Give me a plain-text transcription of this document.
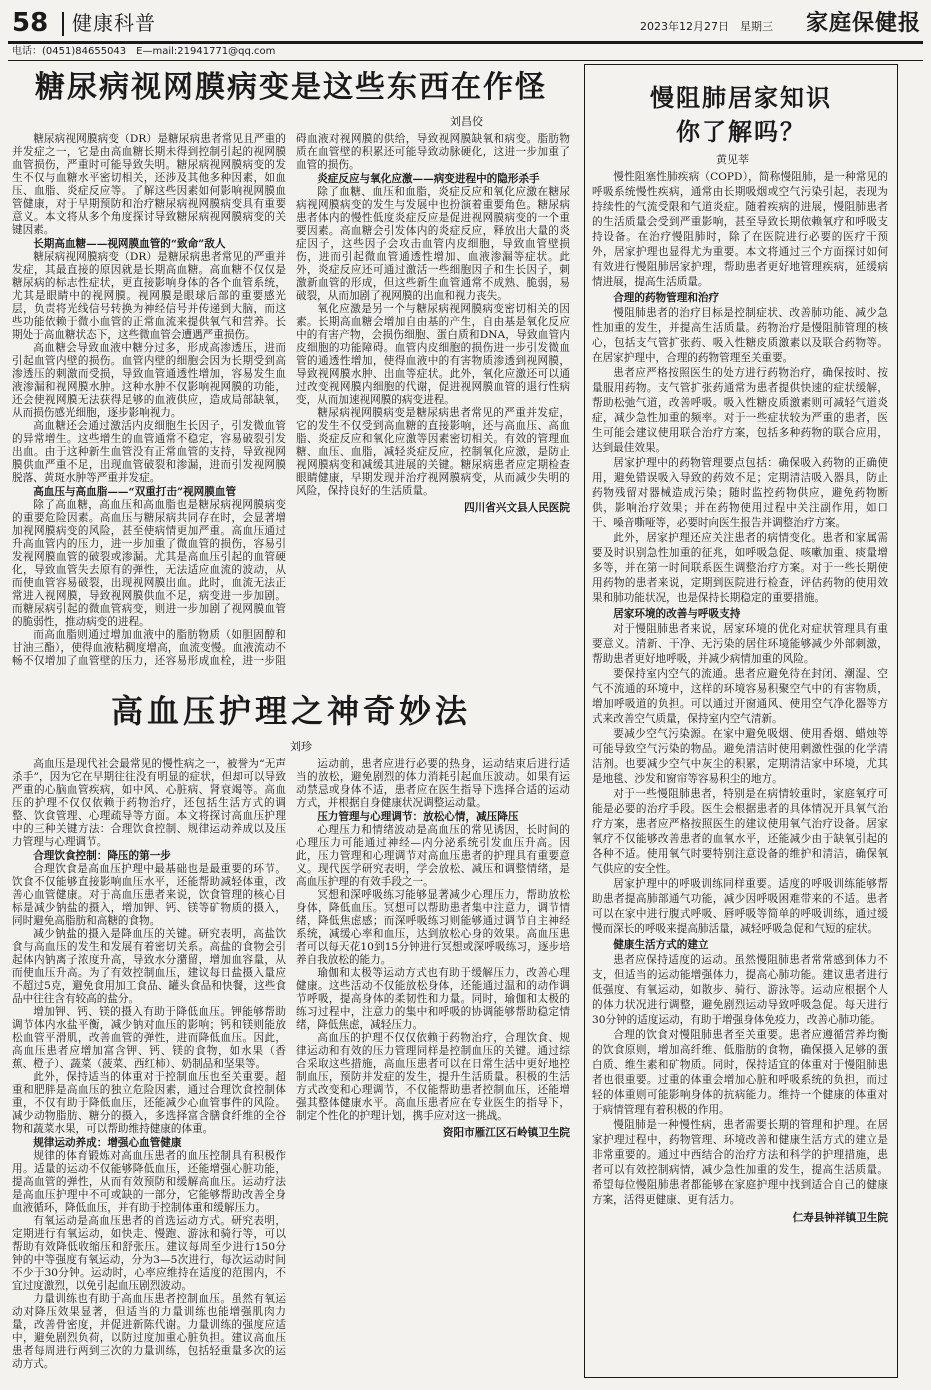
58 健康科普	2023年12月27日　星期三 家庭保健报
电话：(0451)84655043　E—mail:21941771@qq.com
糖尿病视网膜病变是这些东西在作怪
刘昌佼

糖尿病视网膜病变（DR）是糖尿病患者常见且严重的并发症之一，它是由高血糖长期未得到控制引起的视网膜血管损伤，严重时可能导致失明。糖尿病视网膜病变的发生不仅与血糖水平密切相关，还涉及其他多种因素，如血压、血脂、炎症反应等。了解这些因素如何影响视网膜血管健康，对于早期预防和治疗糖尿病视网膜病变具有重要意义。本文将从多个角度探讨导致糖尿病视网膜病变的关键因素。

长期高血糖——视网膜血管的“致命”敌人

糖尿病视网膜病变（DR）是糖尿病患者常见的严重并发症，其最直接的原因就是长期高血糖。高血糖不仅仅是糖尿病的标志性症状，更直接影响身体的各个血管系统，尤其是眼睛中的视网膜。视网膜是眼球后部的重要感光层，负责将光线信号转换为神经信号并传递到大脑，而这些功能依赖于微小血管的正常血流来提供氧气和营养。长期处于高血糖状态下，这些微血管会遭遇严重损伤。

高血糖会导致血液中糖分过多，形成高渗透压，进而引起血管内壁的损伤。血管内壁的细胞会因为长期受到高渗透压的刺激而受损，导致血管通透性增加，容易发生血液渗漏和视网膜水肿。这种水肿不仅影响视网膜的功能，还会使视网膜无法获得足够的血液供应，造成局部缺氧，从而损伤感光细胞，逐步影响视力。

高血糖还会通过激活内皮细胞生长因子，引发微血管的异常增生。这些增生的血管通常不稳定，容易破裂引发出血。由于这种新生血管没有正常血管的支持，导致视网膜供血严重不足，出现血管破裂和渗漏，进而引发视网膜脱落、黄斑水肿等严重并发症。

高血压与高血脂——“双重打击”视网膜血管

除了高血糖，高血压和高血脂也是糖尿病视网膜病变的重要危险因素。高血压与糖尿病共同存在时，会显著增加视网膜病变的风险，甚至使病情更加严重。高血压通过升高血管内的压力，进一步加重了微血管的损伤，容易引发视网膜血管的破裂或渗漏。尤其是高血压引起的血管硬化，导致血管失去原有的弹性，无法适应血流的波动，从而使血管容易破裂，出现视网膜出血。此时，血流无法正常进入视网膜，导致视网膜供血不足，病变进一步加剧。而糖尿病引起的微血管病变，则进一步加剧了视网膜血管的脆弱性，推动病变的进程。

而高血脂则通过增加血液中的脂肪物质（如胆固醇和甘油三酯），使得血液粘稠度增高，血流变慢。血液流动不畅不仅增加了血管壁的压力，还容易形成血栓，进一步阻碍血液对视网膜的供给，导致视网膜缺氧和病变。脂肪物质在血管壁的积累还可能导致动脉硬化，这进一步加重了血管的损伤。

炎症反应与氧化应激——病变进程中的隐形杀手

除了血糖、血压和血脂，炎症反应和氧化应激在糖尿病视网膜病变的发生与发展中也扮演着重要角色。糖尿病患者体内的慢性低度炎症反应是促进视网膜病变的一个重要因素。高血糖会引发体内的炎症反应，释放出大量的炎症因子，这些因子会攻击血管内皮细胞，导致血管壁损伤，进而引起微血管通透性增加、血液渗漏等症状。此外，炎症反应还可通过激活一些细胞因子和生长因子，刺激新血管的形成，但这些新生血管通常不成熟、脆弱，易破裂，从而加剧了视网膜的出血和视力丧失。

氧化应激是另一个与糖尿病视网膜病变密切相关的因素。长期高血糖会增加自由基的产生，自由基是氧化反应中的有害产物，会损伤细胞、蛋白质和DNA，导致血管内皮细胞的功能障碍。血管内皮细胞的损伤进一步引发微血管的通透性增加，使得血液中的有害物质渗透到视网膜，导致视网膜水肿、出血等症状。此外，氧化应激还可以通过改变视网膜内细胞的代谢，促进视网膜血管的退行性病变，从而加速视网膜的病变进程。

糖尿病视网膜病变是糖尿病患者常见的严重并发症，它的发生不仅受到高血糖的直接影响，还与高血压、高血脂、炎症反应和氧化应激等因素密切相关。有效的管理血糖、血压、血脂，减轻炎症反应，控制氧化应激，是防止视网膜病变和减缓其进展的关键。糖尿病患者应定期检查眼睛健康，早期发现并治疗视网膜病变，从而减少失明的风险，保持良好的生活质量。

四川省兴文县人民医院
高血压护理之神奇妙法
刘珍

高血压是现代社会最常见的慢性病之一，被誉为“无声杀手”，因为它在早期往往没有明显的症状，但却可以导致严重的心脑血管疾病，如中风、心脏病、肾衰竭等。高血压的护理不仅仅依赖于药物治疗，还包括生活方式的调整、饮食管理、心理疏导等方面。本文将探讨高血压护理中的三种关键方法：合理饮食控制、规律运动养成以及压力管理与心理调节。

合理饮食控制：降压的第一步

合理饮食是高血压护理中最基础也是最重要的环节。饮食不仅能够直接影响血压水平，还能帮助减轻体重，改善心血管健康。对于高血压患者来说，饮食管理的核心目标是减少钠盐的摄入，增加钾、钙、镁等矿物质的摄入，同时避免高脂肪和高糖的食物。

减少钠盐的摄入是降血压的关键。研究表明，高盐饮食与高血压的发生和发展有着密切关系。高盐的食物会引起体内钠离子浓度升高，导致水分潴留，增加血容量，从而使血压升高。为了有效控制血压，建议每日盐摄入量应不超过5克，避免食用加工食品、罐头食品和快餐，这些食品中往往含有较高的盐分。

增加钾、钙、镁的摄入有助于降低血压。钾能够帮助调节体内水盐平衡，减少钠对血压的影响；钙和镁则能放松血管平滑肌，改善血管的弹性，进而降低血压。因此，高血压患者应增加富含钾、钙、镁的食物，如水果（香蕉、橙子）、蔬菜（菠菜、西红柿）、奶制品和坚果等。

此外，保持适当的体重对于控制血压也至关重要。超重和肥胖是高血压的独立危险因素，通过合理饮食控制体重，不仅有助于降低血压，还能减少心血管事件的风险。减少动物脂肪、糖分的摄入，多选择富含膳食纤维的全谷物和蔬菜水果，可以帮助维持健康的体重。

规律运动养成：增强心血管健康

规律的体育锻炼对高血压患者的血压控制具有积极作用。适量的运动不仅能够降低血压，还能增强心脏功能，提高血管的弹性，从而有效预防和缓解高血压。运动疗法是高血压护理中不可或缺的一部分，它能够帮助改善全身血液循环，降低血压，并有助于控制体重和缓解压力。

有氧运动是高血压患者的首选运动方式。研究表明，定期进行有氧运动，如快走、慢跑、游泳和骑行等，可以帮助有效降低收缩压和舒张压。建议每周至少进行150分钟的中等强度有氧运动，分为3—5次进行，每次运动时间不少于30分钟。运动时，心率应维持在适度的范围内，不宜过度激烈，以免引起血压剧烈波动。

力量训练也有助于高血压患者控制血压。虽然有氧运动对降压效果显著，但适当的力量训练也能增强肌肉力量，改善骨密度，并促进新陈代谢。力量训练的强度应适中，避免剧烈负荷，以防过度加重心脏负担。建议高血压患者每周进行两到三次的力量训练，包括轻重量多次的运动方式。

运动前，患者应进行必要的热身，运动结束后进行适当的放松，避免剧烈的体力消耗引起血压波动。如果有运动禁忌或身体不适，患者应在医生指导下选择合适的运动方式，并根据自身健康状况调整运动量。

压力管理与心理调节：放松心情，减压降压

心理压力和情绪波动是高血压的常见诱因，长时间的心理压力可能通过神经—内分泌系统引发血压升高。因此，压力管理和心理调节对高血压患者的护理具有重要意义。现代医学研究表明，学会放松、减压和调整情绪，是高血压护理的有效手段之一。

冥想和深呼吸练习能够显著减少心理压力，帮助放松身体，降低血压。冥想可以帮助患者集中注意力，调节情绪，降低焦虑感；而深呼吸练习则能够通过调节自主神经系统，减缓心率和血压，达到放松心身的效果。高血压患者可以每天花10到15分钟进行冥想或深呼吸练习，逐步培养自我放松的能力。

瑜伽和太极等运动方式也有助于缓解压力，改善心理健康。这些活动不仅能放松身体，还能通过温和的动作调节呼吸，提高身体的柔韧性和力量。同时，瑜伽和太极的练习过程中，注意力的集中和呼吸的协调能够帮助稳定情绪，降低焦虑，减轻压力。

高血压的护理不仅仅依赖于药物治疗，合理饮食、规律运动和有效的压力管理同样是控制血压的关键。通过综合采取这些措施，高血压患者可以在日常生活中更好地控制血压，预防并发症的发生，提升生活质量。积极的生活方式改变和心理调节，不仅能帮助患者控制血压，还能增强其整体健康水平。高血压患者应在专业医生的指导下，制定个性化的护理计划，携手应对这一挑战。

资阳市雁江区石岭镇卫生院
慢阻肺居家知识
你了解吗？
黄见莘

慢性阻塞性肺疾病（COPD），简称慢阻肺，是一种常见的呼吸系统慢性疾病，通常由长期吸烟或空气污染引起，表现为持续性的气流受限和气道炎症。随着疾病的进展，慢阻肺患者的生活质量会受到严重影响，甚至导致长期依赖氧疗和呼吸支持设备。在治疗慢阻肺时，除了在医院进行必要的医疗干预外，居家护理也显得尤为重要。本文将通过三个方面探讨如何有效进行慢阻肺居家护理，帮助患者更好地管理疾病，延缓病情进展，提高生活质量。

合理的药物管理和治疗

慢阻肺患者的治疗目标是控制症状、改善肺功能、减少急性加重的发生，并提高生活质量。药物治疗是慢阻肺管理的核心，包括支气管扩张药、吸入性糖皮质激素以及联合药物等。在居家护理中，合理的药物管理至关重要。

患者应严格按照医生的处方进行药物治疗，确保按时、按量服用药物。支气管扩张药通常为患者提供快速的症状缓解，帮助松弛气道，改善呼吸。吸入性糖皮质激素则可减轻气道炎症，减少急性加重的频率。对于一些症状较为严重的患者，医生可能会建议使用联合治疗方案，包括多种药物的联合应用，达到最佳效果。

居家护理中的药物管理要点包括：确保吸入药物的正确使用，避免错误吸入导致的药效不足；定期清洁吸入器具，防止药物残留对器械造成污染；随时监控药物供应，避免药物断供，影响治疗效果；并在药物使用过程中关注副作用，如口干、嗓音嘶哑等，必要时向医生报告并调整治疗方案。

此外，居家护理还应关注患者的病情变化。患者和家属需要及时识别急性加重的征兆，如呼吸急促、咳嗽加重、痰量增多等，并在第一时间联系医生调整治疗方案。对于一些长期使用药物的患者来说，定期到医院进行检查，评估药物的使用效果和肺功能状况，也是保持长期稳定的重要措施。

居家环境的改善与呼吸支持

对于慢阻肺患者来说，居家环境的优化对症状管理具有重要意义。清新、干净、无污染的居住环境能够减少外部刺激，帮助患者更好地呼吸，并减少病情加重的风险。

要保持室内空气的流通。患者应避免待在封闭、潮湿、空气不流通的环境中，这样的环境容易积聚空气中的有害物质，增加呼吸道的负担。可以通过开窗通风、使用空气净化器等方式来改善空气质量，保持室内空气清新。

要减少空气污染源。在家中避免吸烟、使用香烟、蜡烛等可能导致空气污染的物品。避免清洁时使用刺激性强的化学清洁剂。也要减少空气中灰尘的积累，定期清洁家中环境，尤其是地毯、沙发和窗帘等容易积尘的地方。

对于一些慢阻肺患者，特别是在病情较重时，家庭氧疗可能是必要的治疗手段。医生会根据患者的具体情况开具氧气治疗方案，患者应严格按照医生的建议使用氧气治疗设备。居家氧疗不仅能够改善患者的血氧水平，还能减少由于缺氧引起的各种不适。使用氧气时要特别注意设备的维护和清洁，确保氧气供应的安全性。

居家护理中的呼吸训练同样重要。适度的呼吸训练能够帮助患者提高肺部通气功能，减少因呼吸困难带来的不适。患者可以在家中进行腹式呼吸、唇呼吸等简单的呼吸训练，通过缓慢而深长的呼吸来提高肺活量，减轻呼吸急促和气短的症状。

健康生活方式的建立

患者应保持适度的运动。虽然慢阻肺患者常常感到体力不支，但适当的运动能增强体力，提高心肺功能。建议患者进行低强度、有氧运动，如散步、骑行、游泳等。运动应根据个人的体力状况进行调整，避免剧烈运动导致呼吸急促。每天进行30分钟的适度运动，有助于增强身体免疫力，改善心肺功能。

合理的饮食对慢阻肺患者至关重要。患者应遵循营养均衡的饮食原则，增加高纤维、低脂肪的食物，确保摄入足够的蛋白质、维生素和矿物质。同时，保持适宜的体重对于慢阻肺患者也很重要。过重的体重会增加心脏和呼吸系统的负担，而过轻的体重则可能影响身体的抗病能力。维持一个健康的体重对于病情管理有着积极的作用。

慢阻肺是一种慢性病，患者需要长期的管理和护理。在居家护理过程中，药物管理、环境改善和健康生活方式的建立是非常重要的。通过中西结合的治疗方法和科学的护理措施，患者可以有效控制病情，减少急性加重的发生，提高生活质量。希望每位慢阻肺患者都能够在家庭护理中找到适合自己的健康方案，活得更健康、更有活力。

仁寿县钟祥镇卫生院
